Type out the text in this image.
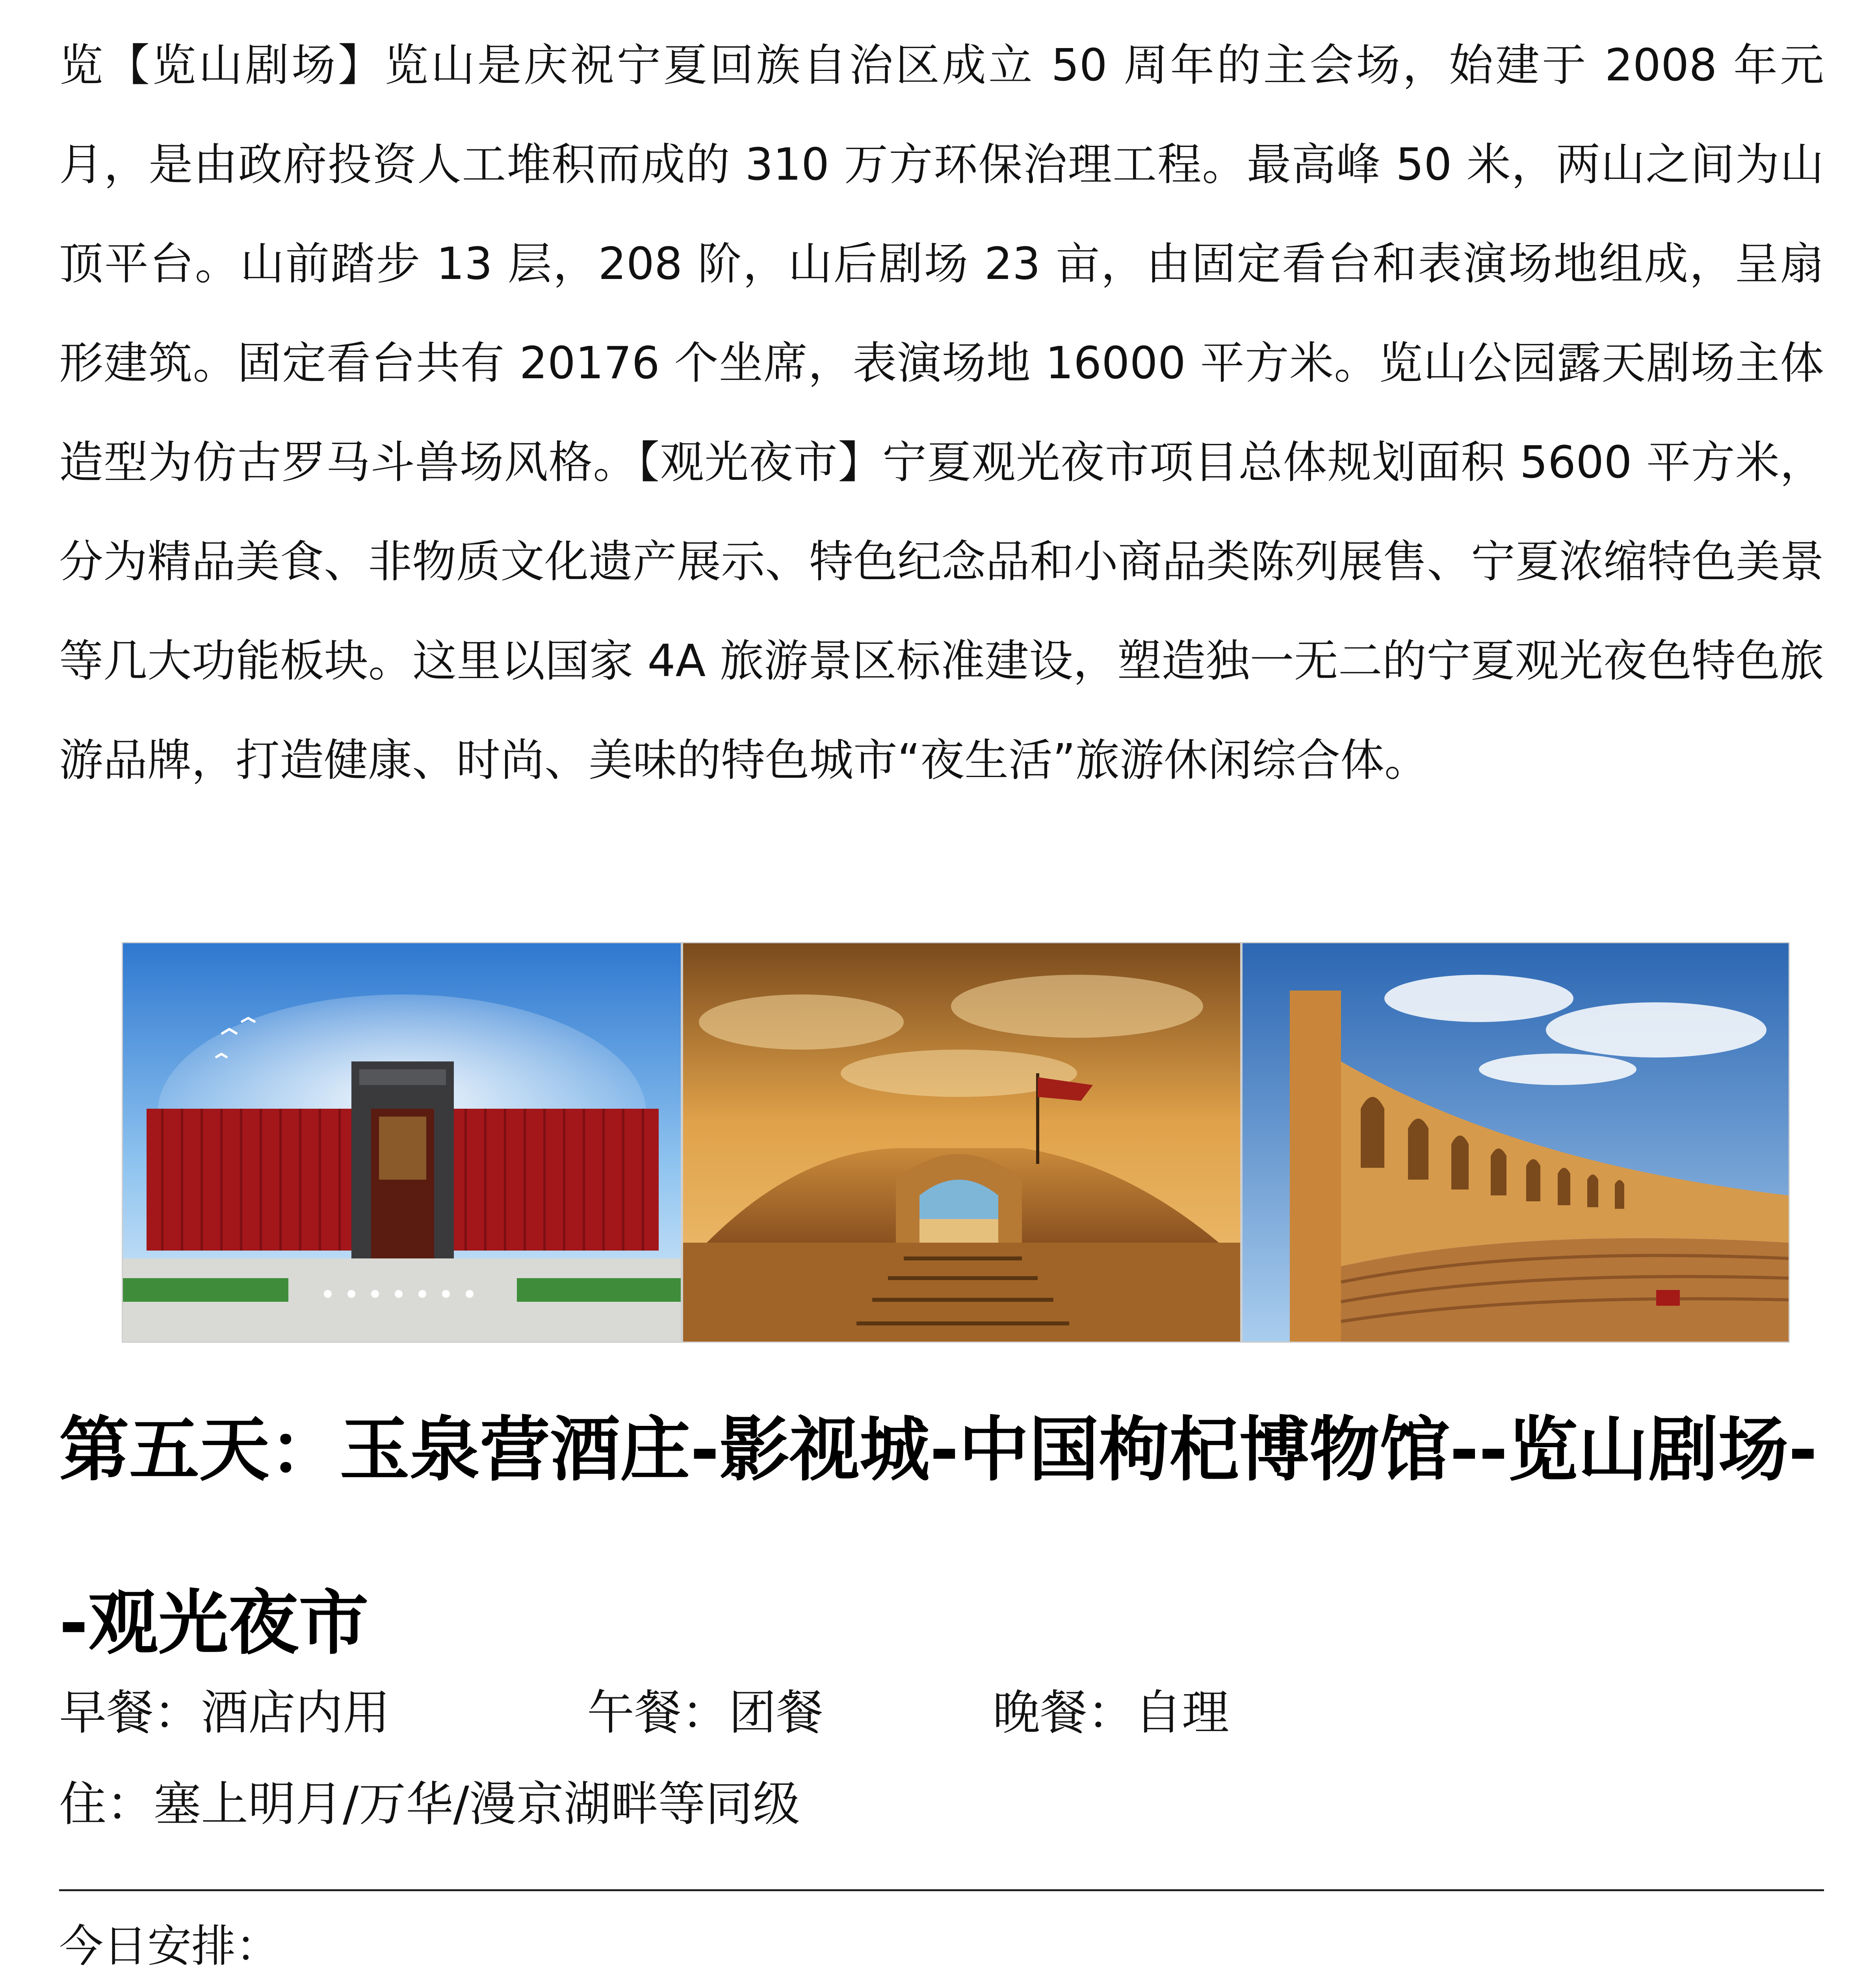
览【览山剧场】览山是庆祝宁夏回族自治区成立 50 周年的主会场，始建于 2008 年元月，是由政府投资人工堆积而成的 310 万方环保治理工程。最高峰 50 米，两山之间为山顶平台。山前踏步 13 层，208 阶，山后剧场 23 亩，由固定看台和表演场地组成，呈扇形建筑。固定看台共有 20176 个坐席，表演场地 16000 平方米。览山公园露天剧场主体造型为仿古罗马斗兽场风格。【观光夜市】宁夏观光夜市项目总体规划面积 5600 平方米，分为精品美食、非物质文化遗产展示、特色纪念品和小商品类陈列展售、宁夏浓缩特色美景等几大功能板块。这里以国家 4A 旅游景区标准建设，塑造独一无二的宁夏观光夜色特色旅游品牌，打造健康、时尚、美味的特色城市“夜生活”旅游休闲综合体。

第五天：玉泉营酒庄-影视城-中国枸杞博物馆--览山剧场--观光夜市
早餐：酒店内用	午餐：团餐	晚餐：自理
住：塞上明月/万华/漫京湖畔等同级
今日安排：
